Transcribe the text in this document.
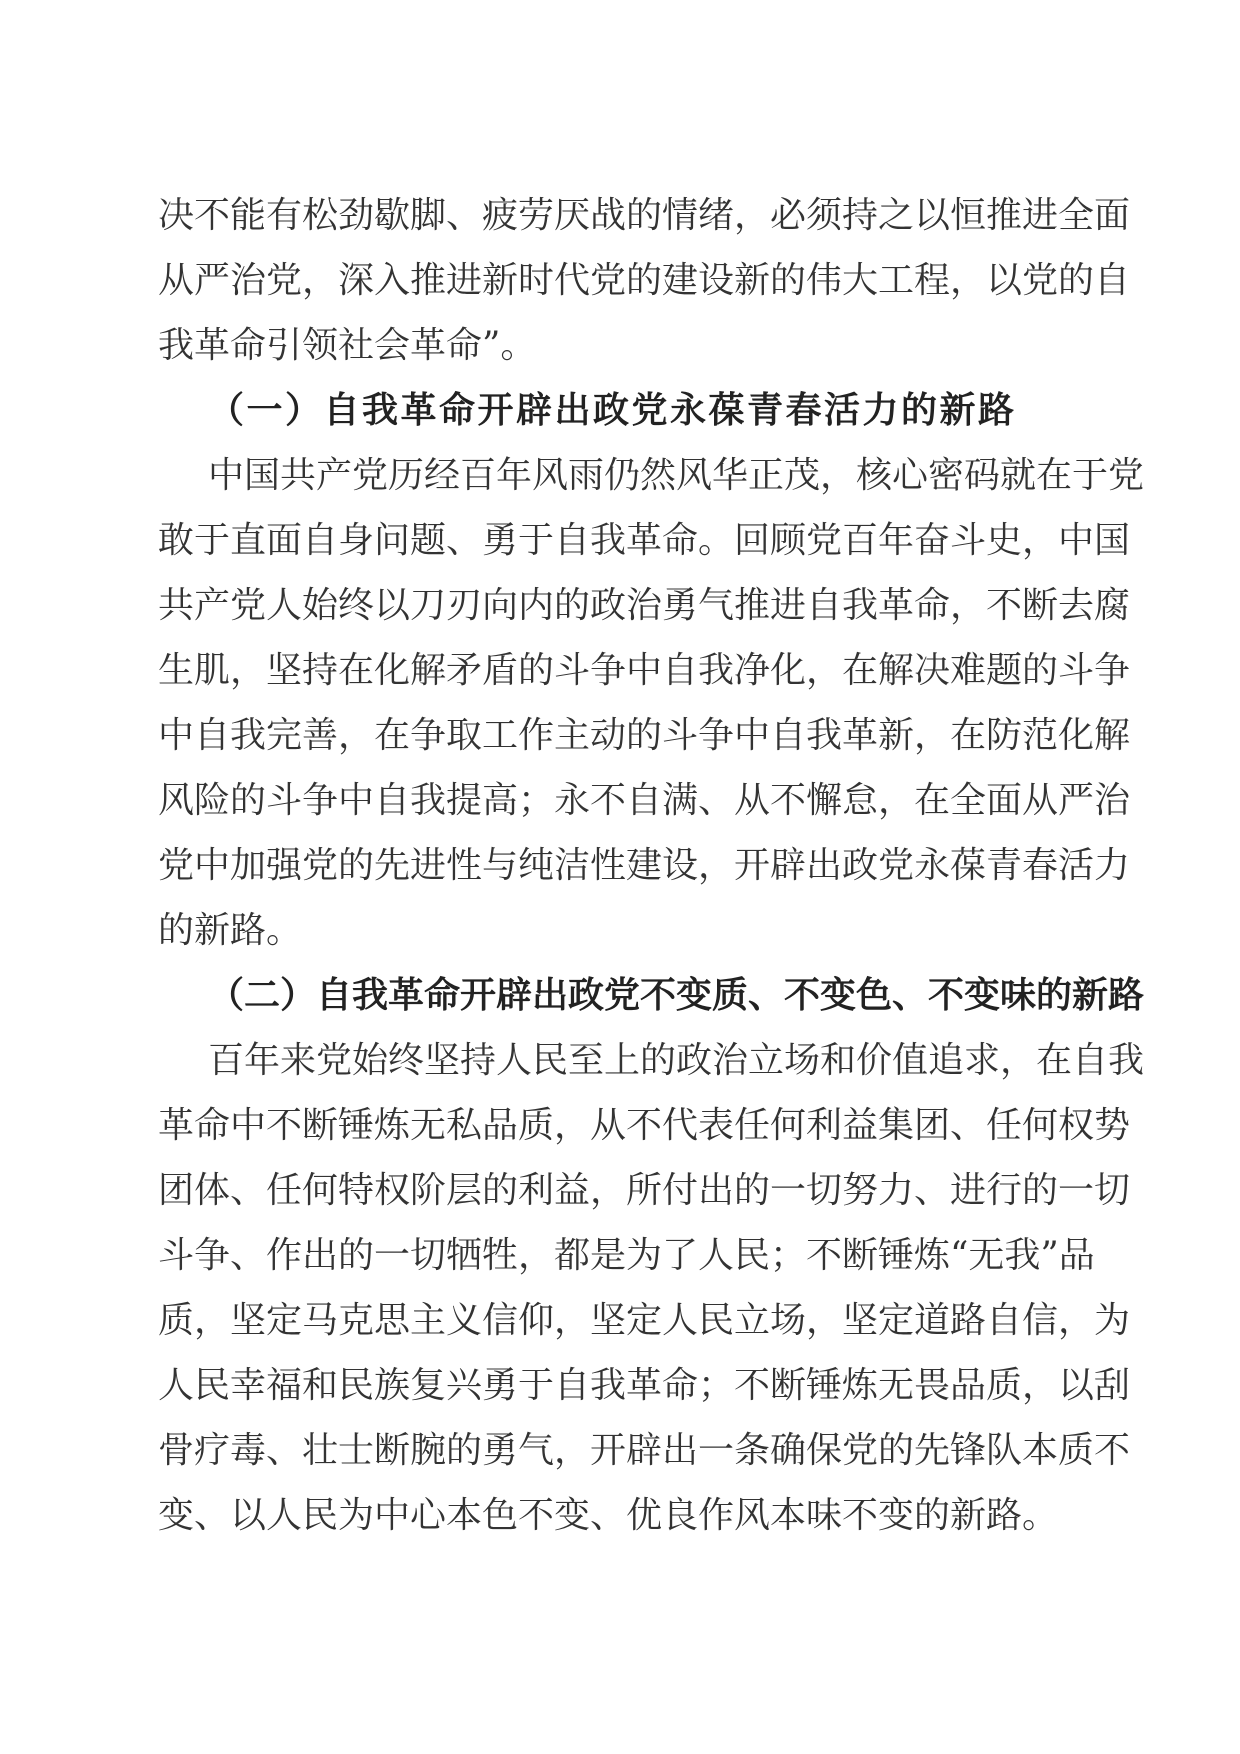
决不能有松劲歇脚、疲劳厌战的情绪，必须持之以恒推进全面
从严治党，深入推进新时代党的建设新的伟大工程，以党的自
我革命引领社会革命”。
（一）自我革命开辟出政党永葆青春活力的新路
中国共产党历经百年风雨仍然风华正茂，核心密码就在于党
敢于直面自身问题、勇于自我革命。回顾党百年奋斗史，中国
共产党人始终以刀刃向内的政治勇气推进自我革命，不断去腐
生肌，坚持在化解矛盾的斗争中自我净化，在解决难题的斗争
中自我完善，在争取工作主动的斗争中自我革新，在防范化解
风险的斗争中自我提高；永不自满、从不懈怠，在全面从严治
党中加强党的先进性与纯洁性建设，开辟出政党永葆青春活力
的新路。
（二）自我革命开辟出政党不变质、不变色、不变味的新路
百年来党始终坚持人民至上的政治立场和价值追求，在自我
革命中不断锤炼无私品质，从不代表任何利益集团、任何权势
团体、任何特权阶层的利益，所付出的一切努力、进行的一切
斗争、作出的一切牺牲，都是为了人民；不断锤炼“无我”品
质，坚定马克思主义信仰，坚定人民立场，坚定道路自信，为
人民幸福和民族复兴勇于自我革命；不断锤炼无畏品质，以刮
骨疗毒、壮士断腕的勇气，开辟出一条确保党的先锋队本质不
变、以人民为中心本色不变、优良作风本味不变的新路。
